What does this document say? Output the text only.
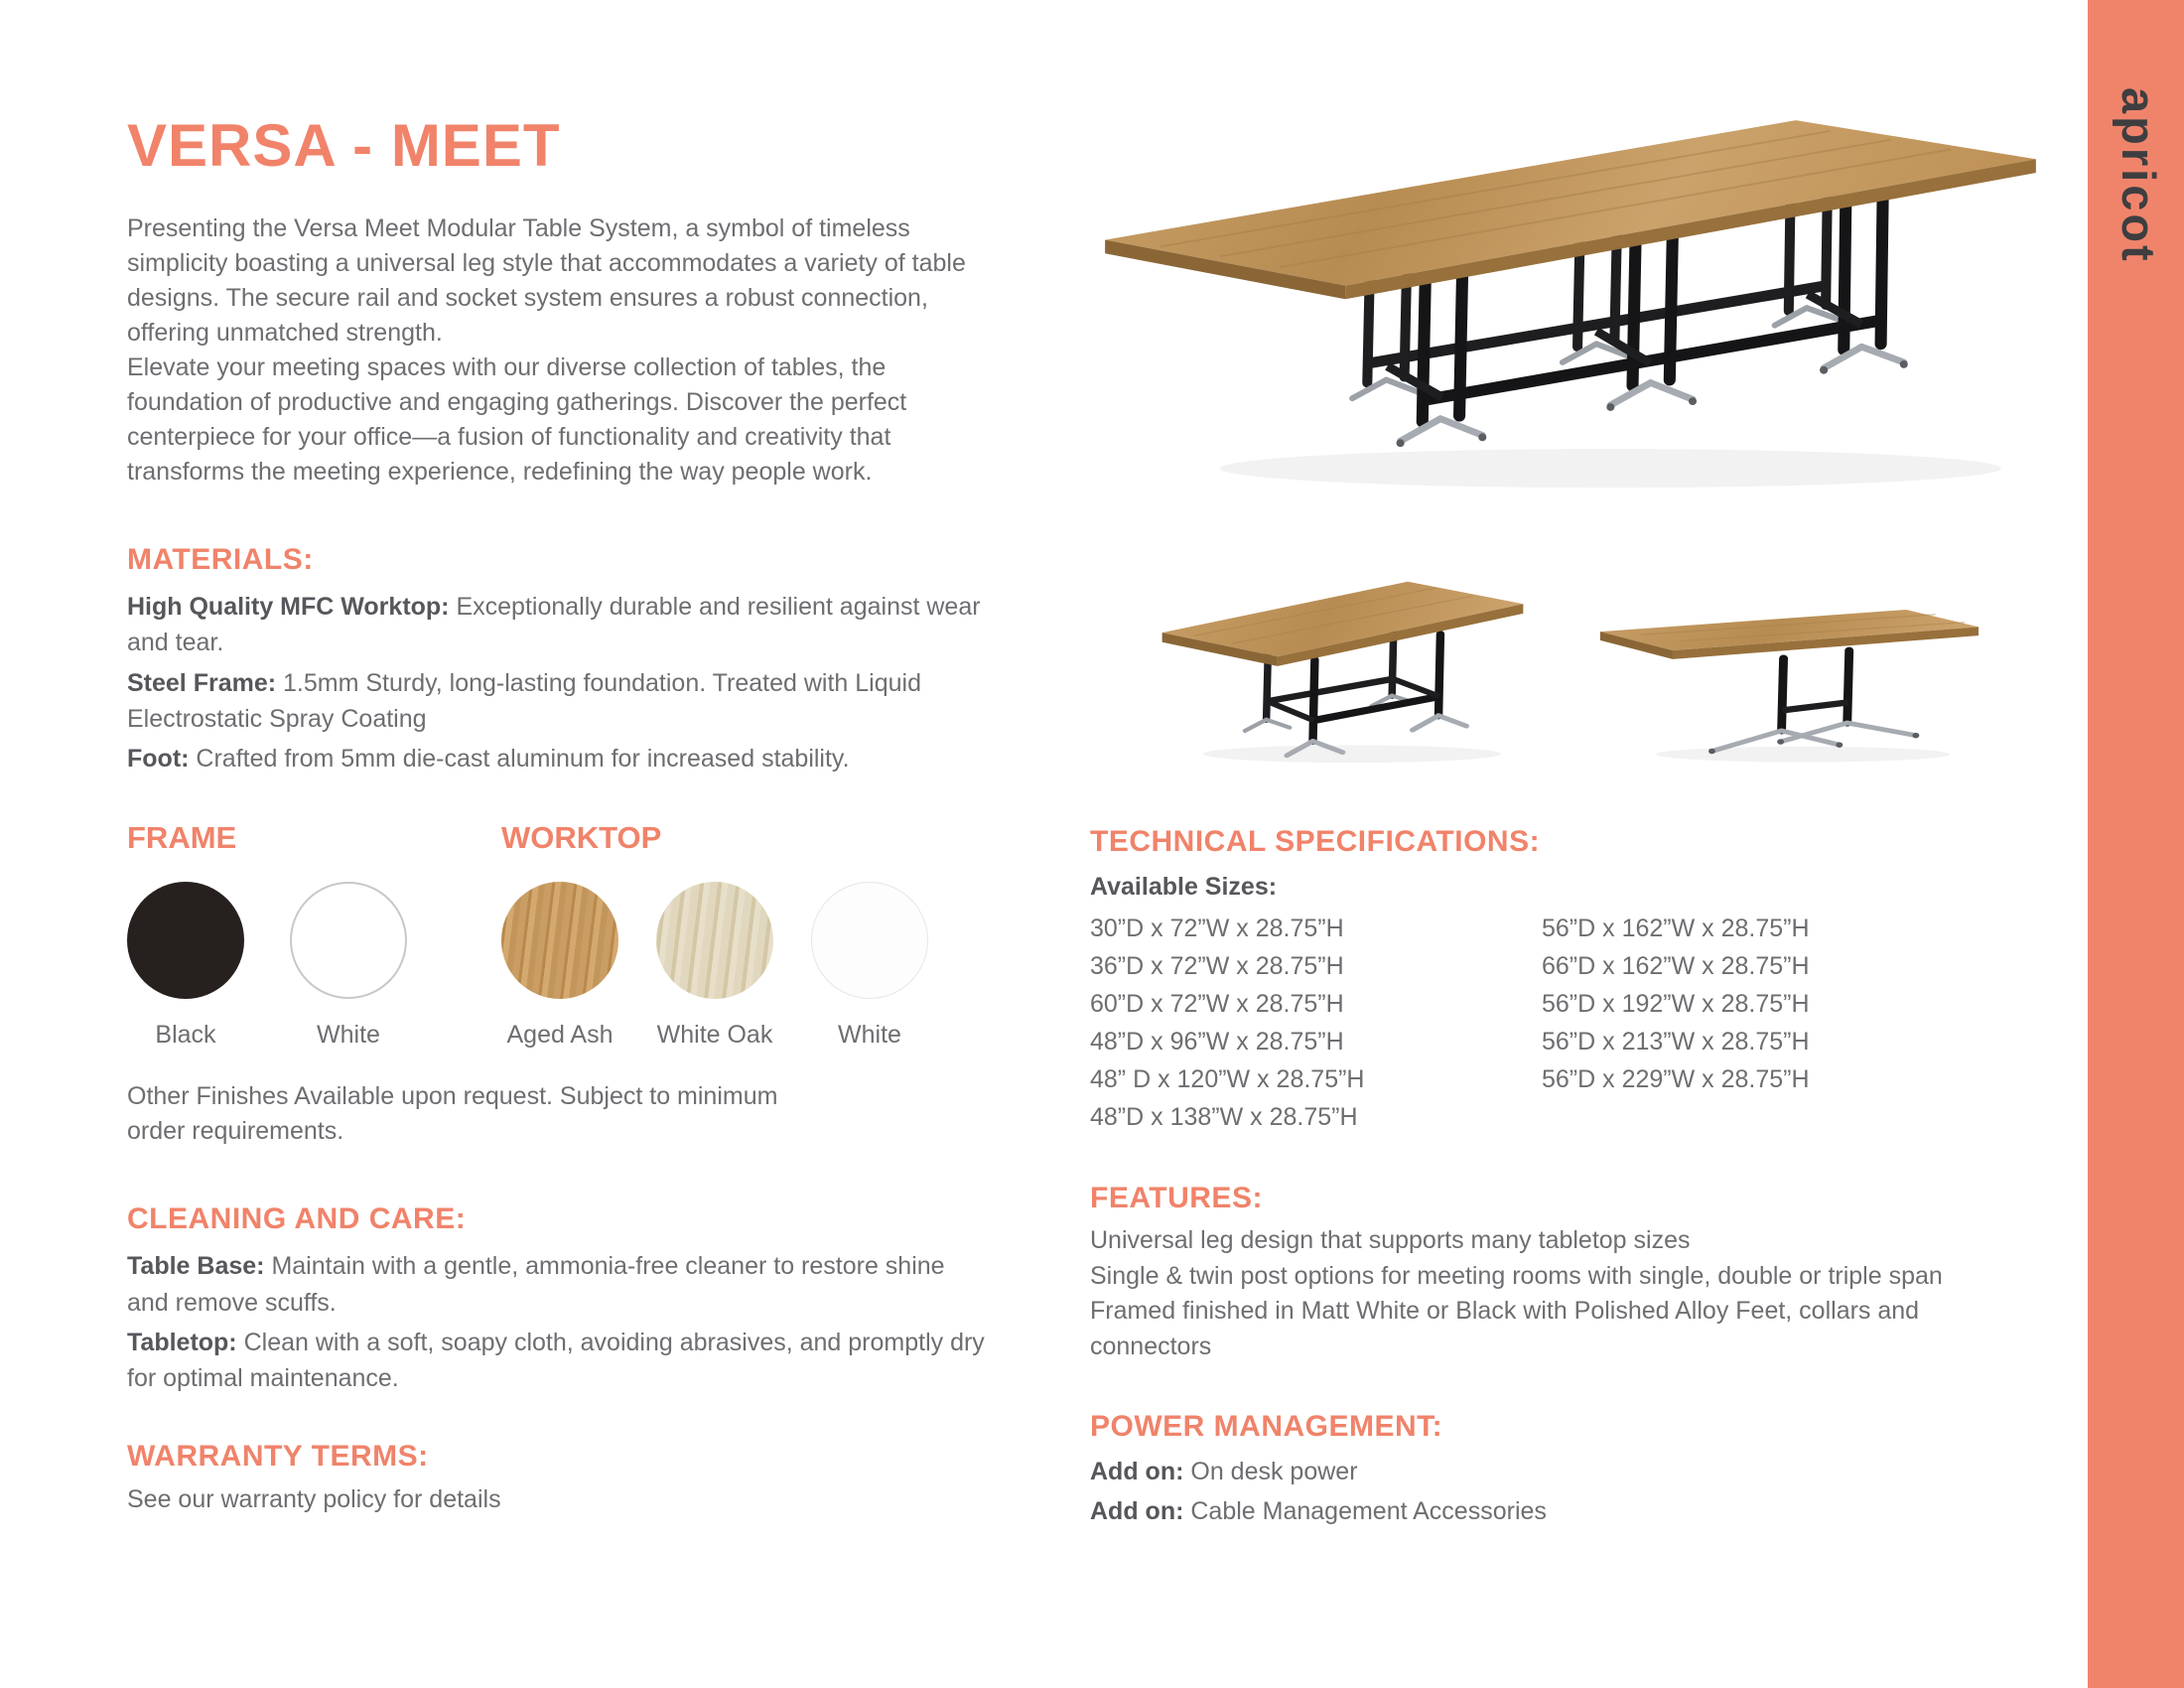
apricot
VERSA - MEET

Presenting the Versa Meet Modular Table System, a symbol of timeless simplicity boasting a universal leg style that accommodates a variety of table designs. The secure rail and socket system ensures a robust connection, offering unmatched strength.

Elevate your meeting spaces with our diverse collection of tables, the foundation of productive and engaging gatherings. Discover the perfect centerpiece for your office—a fusion of functionality and creativity that transforms the meeting experience, redefining the way people work.

MATERIALS:

High Quality MFC Worktop: Exceptionally durable and resilient against wear and tear.

Steel Frame: 1.5mm Sturdy, long-lasting foundation. Treated with Liquid Electrostatic Spray Coating

Foot: Crafted from 5mm die-cast aluminum for increased stability.

FRAME
Black	White
WORKTOP
Aged Ash White Oak	White

Other Finishes Available upon request. Subject to minimum order requirements.

CLEANING AND CARE:

Table Base: Maintain with a gentle, ammonia-free cleaner to restore shine and remove scuffs.

Tabletop: Clean with a soft, soapy cloth, avoiding abrasives, and promptly dry for optimal maintenance.

WARRANTY TERMS:

See our warranty policy for details

TECHNICAL SPECIFICATIONS:
Available Sizes:
30”D x 72”W x 28.75”H
36”D x 72”W x 28.75”H
60”D x 72”W x 28.75”H
48”D x 96”W x 28.75”H
48” D x 120”W x 28.75”H
48”D x 138”W x 28.75”H
56”D x 162”W x 28.75”H
66”D x 162”W x 28.75”H
56”D x 192”W x 28.75”H
56”D x 213”W x 28.75”H
56”D x 229”W x 28.75”H
FEATURES:

Universal leg design that supports many tabletop sizes

Single & twin post options for meeting rooms with single, double or triple span

Framed finished in Matt White or Black with Polished Alloy Feet, collars and connectors

POWER MANAGEMENT:

Add on: On desk power

Add on: Cable Management Accessories
